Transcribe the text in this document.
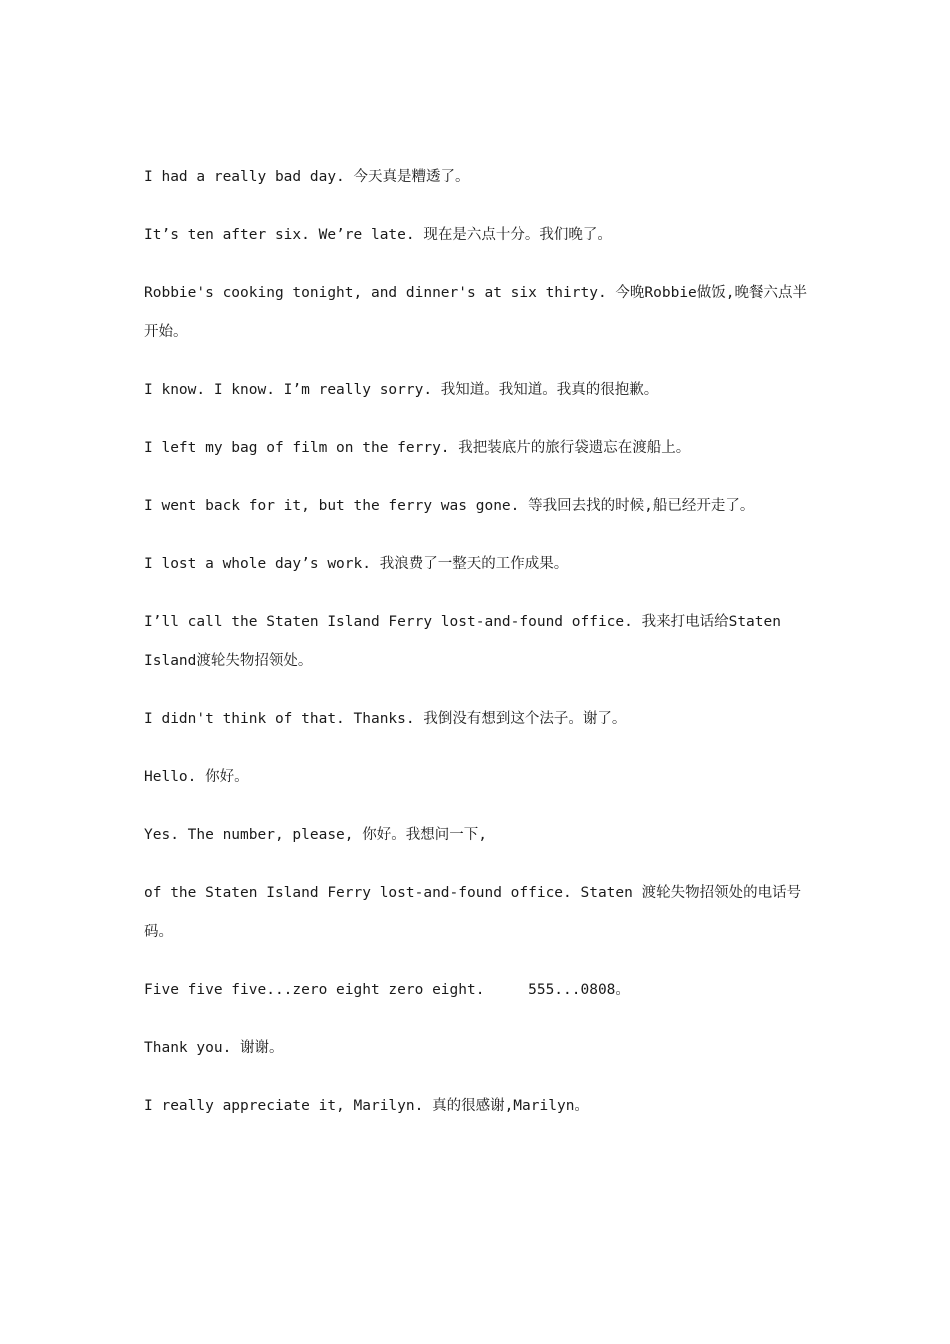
I had a really bad day. 今天真是糟透了。

It’s ten after six. We’re late. 现在是六点十分。我们晚了。

Robbie's cooking tonight, and dinner's at six thirty. 今晚Robbie做饭,晚餐六点半开始。

I know. I know. I’m really sorry. 我知道。我知道。我真的很抱歉。

I left my bag of film on the ferry. 我把装底片的旅行袋遗忘在渡船上。

I went back for it, but the ferry was gone. 等我回去找的时候,船已经开走了。

I lost a whole day’s work. 我浪费了一整天的工作成果。

I’ll call the Staten Island Ferry lost-and-found office. 我来打电话给Staten Island渡轮失物招领处。

I didn't think of that. Thanks. 我倒没有想到这个法子。谢了。

Hello. 你好。

Yes. The number, please, 你好。我想问一下,

of the Staten Island Ferry lost-and-found office. Staten 渡轮失物招领处的电话号码。

Five five five...zero eight zero eight.     555...0808。

Thank you. 谢谢。

I really appreciate it, Marilyn. 真的很感谢,Marilyn。
